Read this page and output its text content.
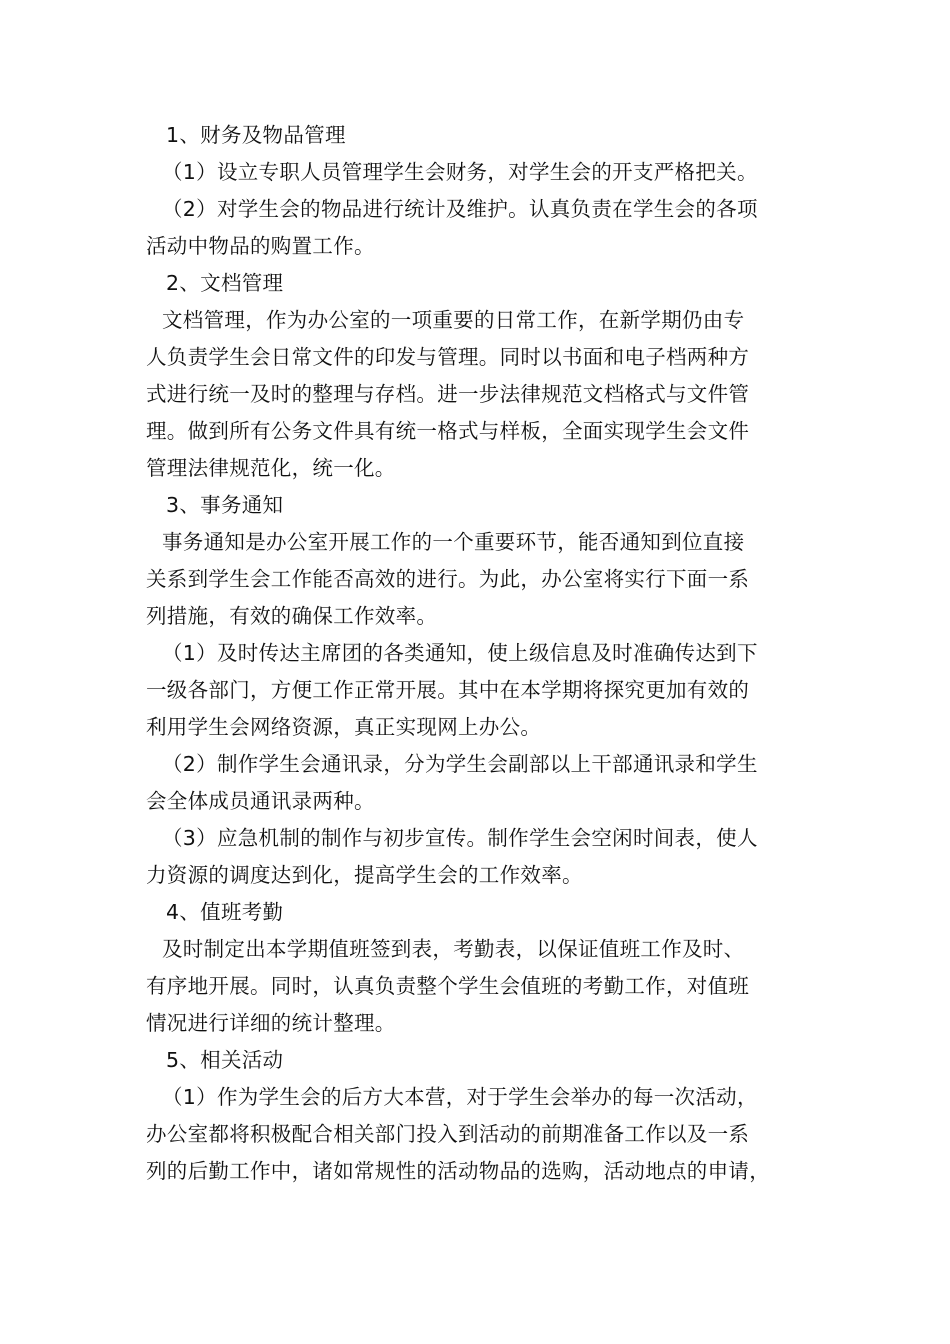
1、财务及物品管理
（1）设立专职人员管理学生会财务，对学生会的开支严格把关。
（2）对学生会的物品进行统计及维护。认真负责在学生会的各项
活动中物品的购置工作。
2、文档管理
文档管理，作为办公室的一项重要的日常工作，在新学期仍由专
人负责学生会日常文件的印发与管理。同时以书面和电子档两种方
式进行统一及时的整理与存档。进一步法律规范文档格式与文件管
理。做到所有公务文件具有统一格式与样板，全面实现学生会文件
管理法律规范化，统一化。
3、事务通知
事务通知是办公室开展工作的一个重要环节，能否通知到位直接
关系到学生会工作能否高效的进行。为此，办公室将实行下面一系
列措施，有效的确保工作效率。
（1）及时传达主席团的各类通知，使上级信息及时准确传达到下
一级各部门，方便工作正常开展。其中在本学期将探究更加有效的
利用学生会网络资源，真正实现网上办公。
（2）制作学生会通讯录，分为学生会副部以上干部通讯录和学生
会全体成员通讯录两种。
（3）应急机制的制作与初步宣传。制作学生会空闲时间表，使人
力资源的调度达到化，提高学生会的工作效率。
4、值班考勤
及时制定出本学期值班签到表，考勤表，以保证值班工作及时、
有序地开展。同时，认真负责整个学生会值班的考勤工作，对值班
情况进行详细的统计整理。
5、相关活动
（1）作为学生会的后方大本营，对于学生会举办的每一次活动，
办公室都将积极配合相关部门投入到活动的前期准备工作以及一系
列的后勤工作中，诸如常规性的活动物品的选购，活动地点的申请，
